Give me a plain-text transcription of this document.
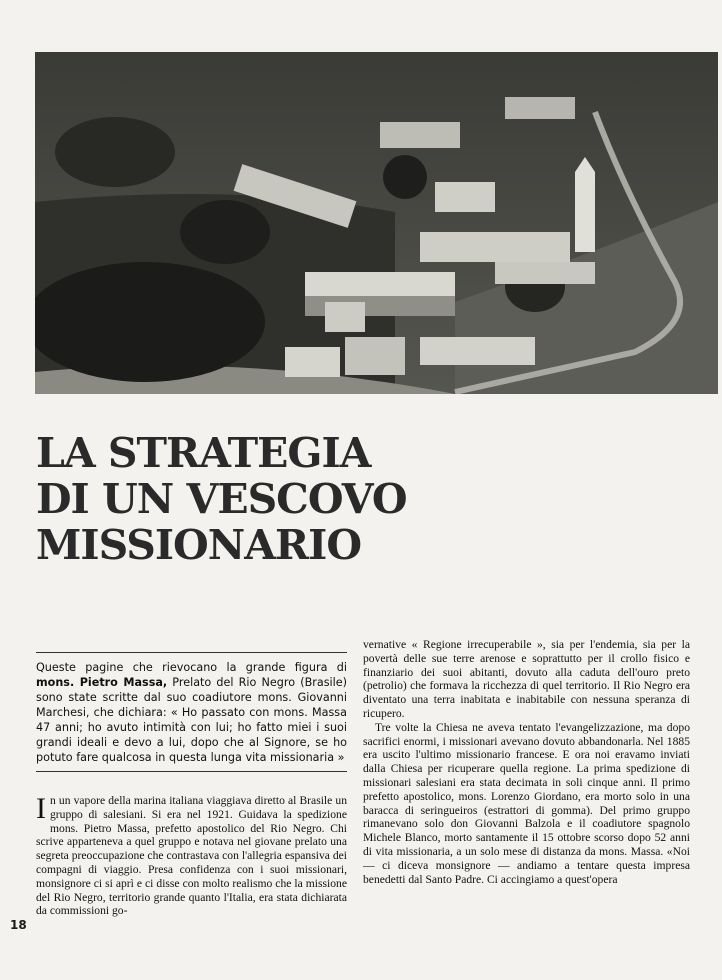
LA STRATEGIA
DI UN VESCOVO MISSIONARIO
Queste pagine che rievocano la grande figura di mons. Pietro Massa, Prelato del Rio Negro (Brasile) sono state scritte dal suo coadiutore mons. Giovanni Marchesi, che dichiara: « Ho passato con mons. Massa 47 anni; ho avuto intimità con lui; ho fatto miei i suoi grandi ideali e devo a lui, dopo che al Signore, se ho potuto fare qualcosa in questa lunga vita missionaria »

In un vapore della marina italiana viaggiava diretto al Brasile un gruppo di salesiani. Si era nel 1921. Guidava la spedizione mons. Pietro Massa, prefetto apostolico del Rio Negro. Chi scrive apparteneva a quel gruppo e notava nel giovane prelato una segreta preoccupazione che contrastava con l'allegria espansiva dei compagni di viaggio. Presa confidenza con i suoi missionari, monsignore ci si aprì e ci disse con molto realismo che la missione del Rio Negro, territorio grande quanto l'Italia, era stata dichiarata da commissioni go-

vernative « Regione irrecuperabile », sia per l'endemia, sia per la povertà delle sue terre arenose e soprattutto per il crollo fisico e finanziario dei suoi abitanti, dovuto alla caduta dell'ouro preto (petrolio) che formava la ricchezza di quel territorio. Il Rio Negro era diventato una terra inabitata e inabitabile con nessuna speranza di ricupero.

Tre volte la Chiesa ne aveva tentato l'evangelizzazione, ma dopo sacrifici enormi, i missionari avevano dovuto abbandonarla. Nel 1885 era uscito l'ultimo missionario francese. E ora noi eravamo inviati dalla Chiesa per ricuperare quella regione. La prima spedizione di missionari salesiani era stata decimata in soli cinque anni. Il primo prefetto apostolico, mons. Lorenzo Giordano, era morto solo in una baracca di seringueiros (estrattori di gomma). Del primo gruppo rimanevano solo don Giovanni Balzola e il coadiutore spagnolo Michele Blanco, morto santamente il 15 ottobre scorso dopo 52 anni di vita missionaria, a un solo mese di distanza da mons. Massa. «Noi — ci diceva monsignore — andiamo a tentare questa impresa benedetti dal Santo Padre. Ci accingiamo a quest'opera

18
